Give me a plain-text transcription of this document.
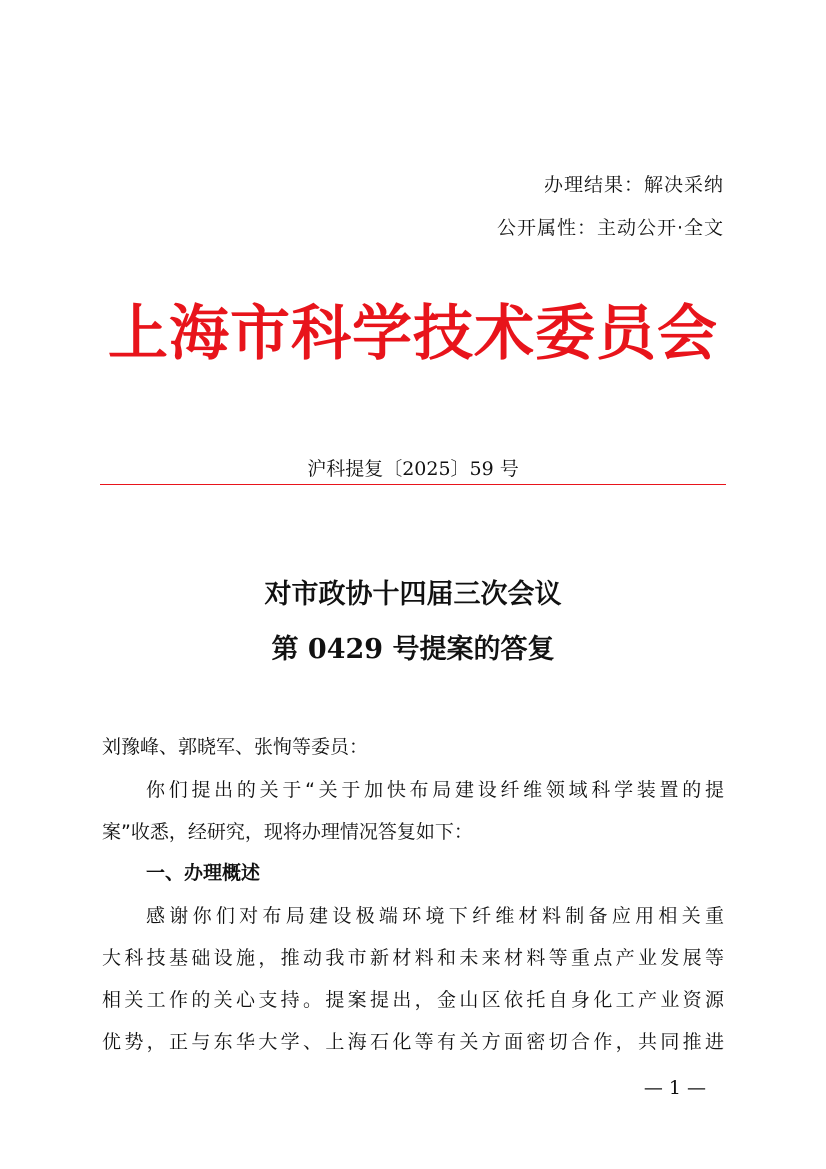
办理结果：解决采纳
公开属性：主动公开·全文
上海市科学技术委员会
沪科提复〔2025〕59 号
对市政协十四届三次会议
第 0429 号提案的答复
刘豫峰、郭晓军、张恂等委员：
你们提出的关于“关于加快布局建设纤维领域科学装置的提
案”收悉，经研究，现将办理情况答复如下：
一、办理概述
感谢你们对布局建设极端环境下纤维材料制备应用相关重
大科技基础设施，推动我市新材料和未来材料等重点产业发展等
相关工作的关心支持。提案提出，金山区依托自身化工产业资源
优势，正与东华大学、上海石化等有关方面密切合作，共同推进
— 1 —
